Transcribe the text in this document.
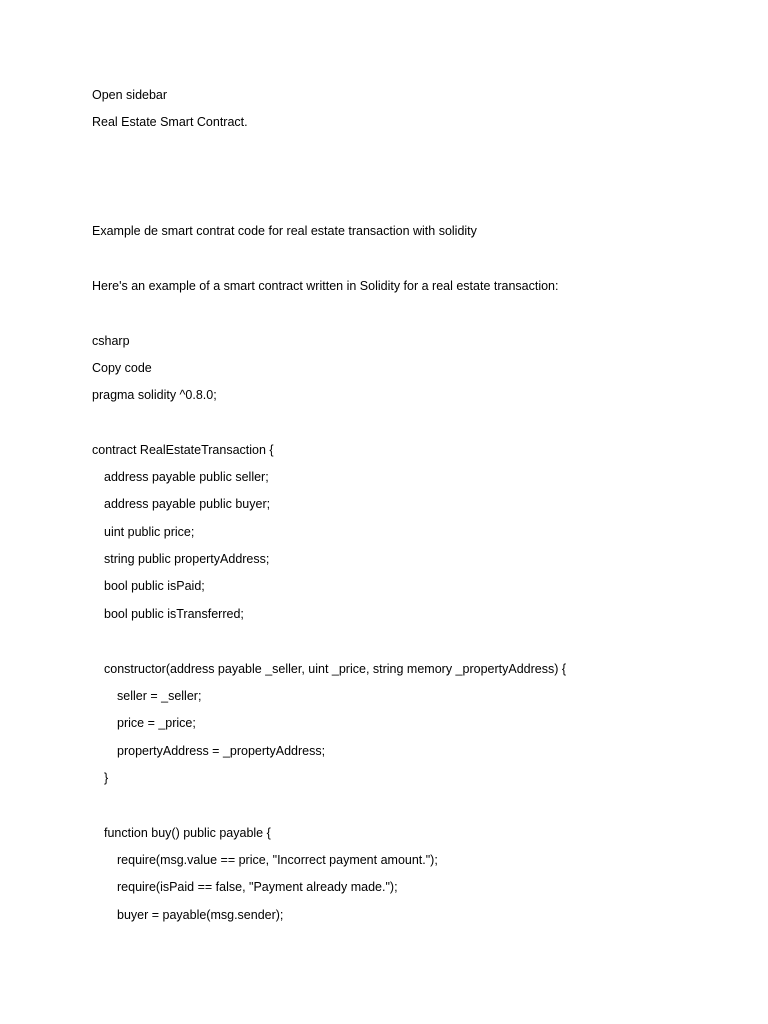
Open sidebar
Real Estate Smart Contract.
Example de smart contrat code for real estate transaction with solidity
Here's an example of a smart contract written in Solidity for a real estate transaction:
csharp
Copy code
pragma solidity ^0.8.0;
contract RealEstateTransaction {
address payable public seller;
address payable public buyer;
uint public price;
string public propertyAddress;
bool public isPaid;
bool public isTransferred;
constructor(address payable _seller, uint _price, string memory _propertyAddress) {
seller = _seller;
price = _price;
propertyAddress = _propertyAddress;
}
function buy() public payable {
require(msg.value == price, "Incorrect payment amount.");
require(isPaid == false, "Payment already made.");
buyer = payable(msg.sender);
